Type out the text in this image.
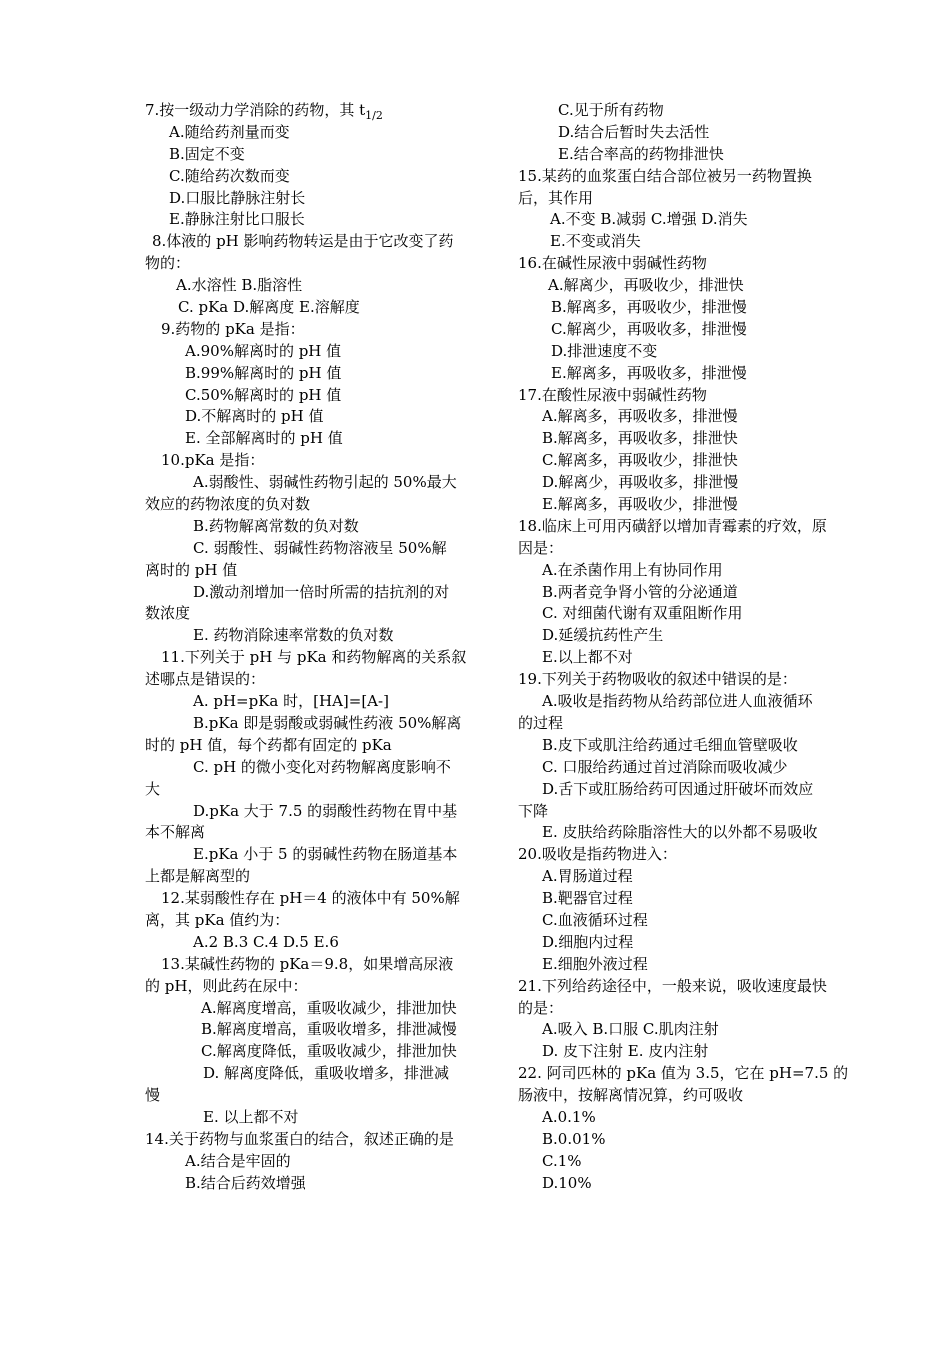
7.按一级动力学消除的药物，其 $t_{1/2}$
A.随给药剂量而变
B.固定不变
C.随给药次数而变
D.口服比静脉注射长
E.静脉注射比口服长
8.体液的 pH 影响药物转运是由于它改变了药
物的：
A.水溶性 B.脂溶性
C. pKa D.解离度 E.溶解度
9.药物的 pKa 是指：
A.90%解离时的 pH 值
B.99%解离时的 pH 值
C.50%解离时的 pH 值
D.不解离时的 pH 值
E. 全部解离时的 pH 值
10.pKa 是指：
A.弱酸性、弱碱性药物引起的 50%最大
效应的药物浓度的负对数
B.药物解离常数的负对数
C. 弱酸性、弱碱性药物溶液呈 50%解
离时的 pH 值
D.激动剂增加一倍时所需的拮抗剂的对
数浓度
E. 药物消除速率常数的负对数
11.下列关于 pH 与 pKa 和药物解离的关系叙
述哪点是错误的：
A. pH=pKa 时，[HA]=[A-]
B.pKa 即是弱酸或弱碱性药液 50%解离
时的 pH 值，每个药都有固定的 pKa
C. pH 的微小变化对药物解离度影响不
大
D.pKa 大于 7.5 的弱酸性药物在胃中基
本不解离
E.pKa 小于 5 的弱碱性药物在肠道基本
上都是解离型的
12.某弱酸性存在 pH＝4 的液体中有 50%解
离，其 pKa 值约为：
A.2 B.3 C.4 D.5 E.6
13.某碱性药物的 pKa＝9.8，如果增高尿液
的 pH，则此药在尿中：
A.解离度增高，重吸收减少，排泄加快
B.解离度增高，重吸收增多，排泄减慢
C.解离度降低，重吸收减少，排泄加快
D. 解离度降低，重吸收增多，排泄减
慢
E. 以上都不对
14.关于药物与血浆蛋白的结合，叙述正确的是
A.结合是牢固的
B.结合后药效增强
C.见于所有药物
D.结合后暂时失去活性
E.结合率高的药物排泄快
15.某药的血浆蛋白结合部位被另一药物置换
后，其作用
A.不变 B.减弱 C.增强 D.消失
E.不变或消失
16.在碱性尿液中弱碱性药物
A.解离少，再吸收少，排泄快
B.解离多，再吸收少，排泄慢
C.解离少，再吸收多，排泄慢
D.排泄速度不变
E.解离多，再吸收多，排泄慢
17.在酸性尿液中弱碱性药物
A.解离多，再吸收多，排泄慢
B.解离多，再吸收多，排泄快
C.解离多，再吸收少，排泄快
D.解离少，再吸收多，排泄慢
E.解离多，再吸收少，排泄慢
18.临床上可用丙磺舒以增加青霉素的疗效，原
因是：
A.在杀菌作用上有协同作用
B.两者竞争肾小管的分泌通道
C. 对细菌代谢有双重阻断作用
D.延缓抗药性产生
E.以上都不对
19.下列关于药物吸收的叙述中错误的是：
A.吸收是指药物从给药部位进人血液循环
的过程
B.皮下或肌注给药通过毛细血管壁吸收
C. 口服给药通过首过消除而吸收减少
D.舌下或肛肠给药可因通过肝破坏而效应
下降
E. 皮肤给药除脂溶性大的以外都不易吸收
20.吸收是指药物进入：
A.胃肠道过程
B.靶器官过程
C.血液循环过程
D.细胞内过程
E.细胞外液过程
21.下列给药途径中，一般来说，吸收速度最快
的是：
A.吸入 B.口服 C.肌肉注射
D. 皮下注射 E. 皮内注射
22. 阿司匹林的 pKa 值为 3.5，它在 pH=7.5 的
肠液中，按解离情况算，约可吸收
A.0.1%
B.0.01%
C.1%
D.10%
